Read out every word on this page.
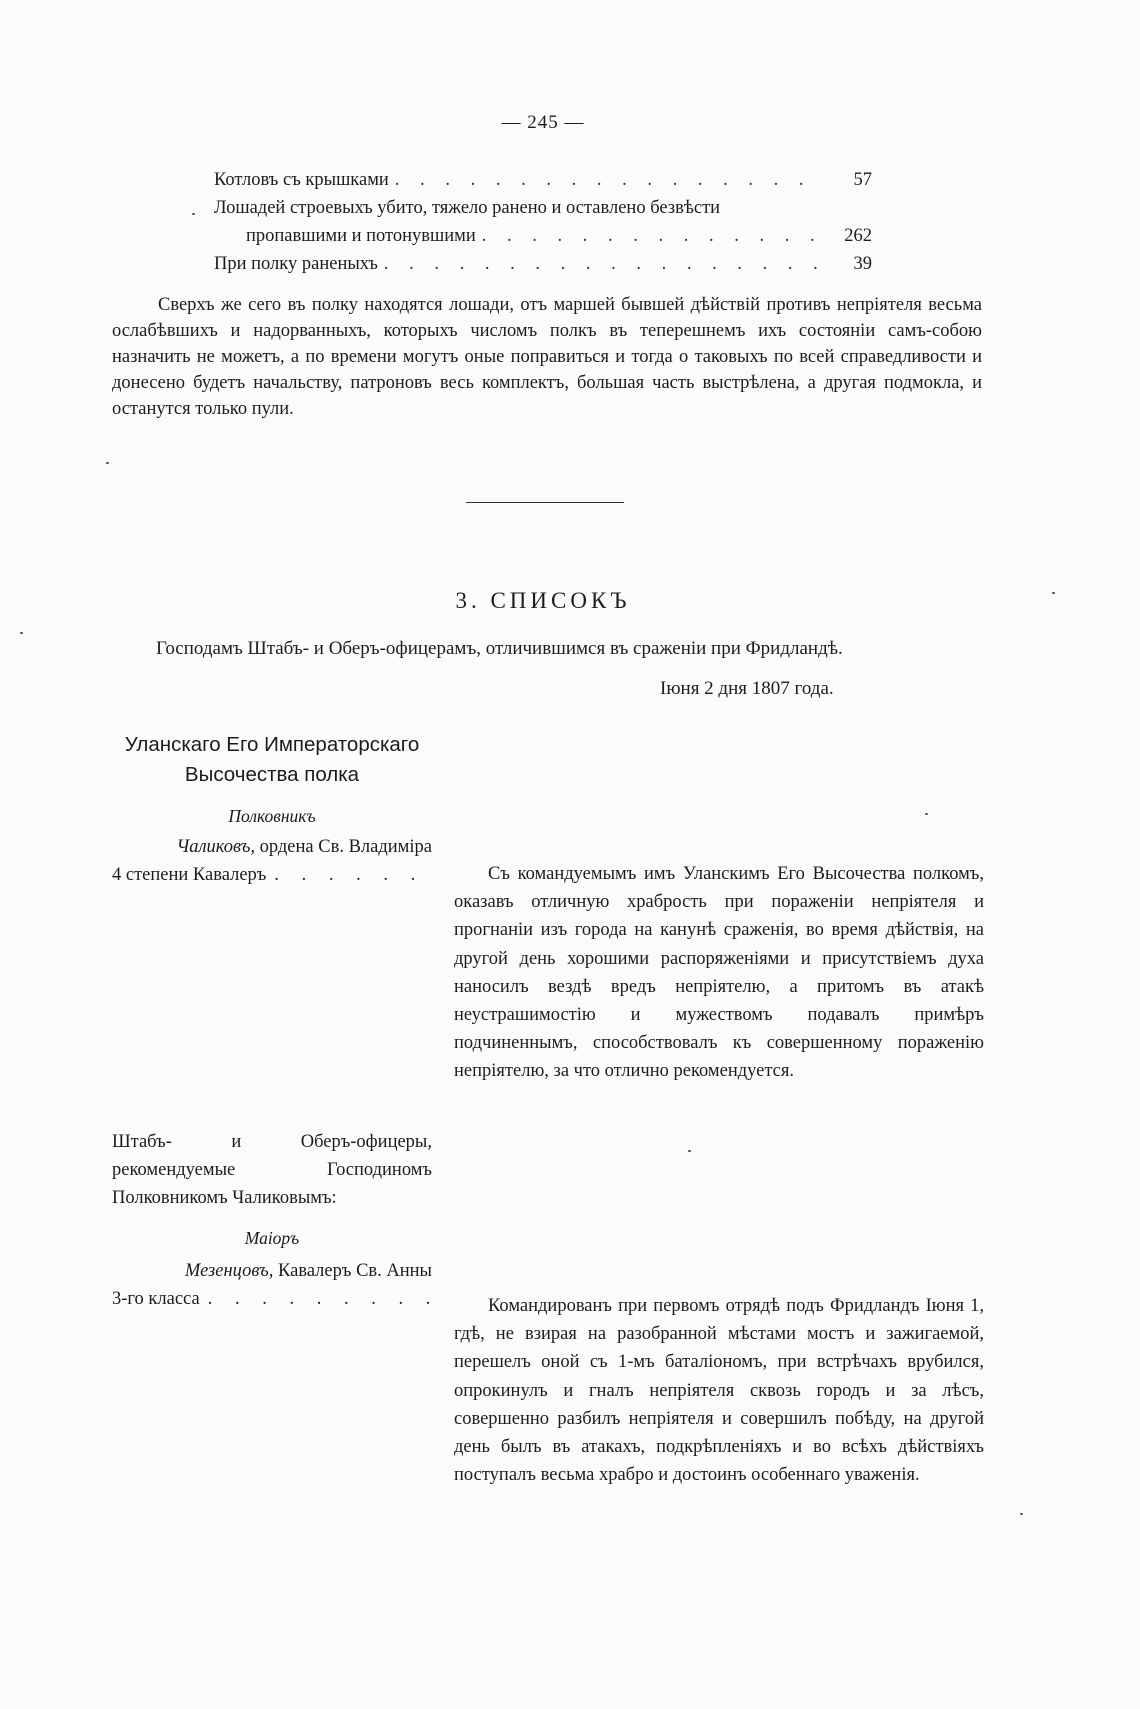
— 245 —
Котловъ съ крышками . . .	57
Лошадей строевыхъ убито, тяжело ранено и оставлено безвѣсти
пропавшими и потонувшими . . .	262
При полку раненыхъ . . .	39

Сверхъ же сего въ полку находятся лошади, отъ маршей бывшей дѣйствій противъ непріятеля весьма ослабѣвшихъ и надорванныхъ, которыхъ числомъ полкъ въ теперешнемъ ихъ состояніи самъ-собою назначить не можетъ, а по времени могутъ оные поправиться и тогда о таковыхъ по всей справедливости и донесено будетъ начальству, патроновъ весь комплектъ, большая часть выстрѣлена, а другая подмокла, и останутся только пули.

3. СПИСОКЪ
Господамъ Штабъ- и Оберъ-офицерамъ, отличившимся въ сраженіи при Фридландѣ.
Іюня 2 дня 1807 года.
Уланскаго Его Императорскаго Высочества полка
Полковникъ
Чаликовъ, ордена Св. Владиміра
4 степени Кавалеръ . . .	Съ командуемымъ имъ Уланскимъ Его Высочества полкомъ, оказавъ отличную храбрость при пораженіи непріятеля и прогнаніи изъ города на канунѣ сраженія, во время дѣйствія, на другой день хорошими распоряженіями и присутствіемъ духа наносилъ вездѣ вредъ непріятелю, а притомъ въ атакѣ неустрашимостію и мужествомъ подавалъ примѣръ подчиненнымъ, способствовалъ къ совершенному пораженію непріятелю, за что отлично рекомендуется.

Штабъ- и Оберъ-офицеры, рекомендуемые Господиномъ Полковникомъ Чаликовымъ:
Маіоръ
Мезенцовъ, Кавалеръ Св. Анны
3-го класса . . .	Командированъ при первомъ отрядѣ подъ Фридландъ Іюня 1, гдѣ, не взирая на разобранной мѣстами мостъ и зажигаемой, перешелъ оной съ 1-мъ баталіономъ, при встрѣчахъ врубился, опрокинулъ и гналъ непріятеля сквозь городъ и за лѣсъ, совершенно разбилъ непріятеля и совершилъ побѣду, на другой день былъ въ атакахъ, подкрѣпленіяхъ и во всѣхъ дѣйствіяхъ поступалъ весьма храбро и достоинъ особеннаго уваженія.
